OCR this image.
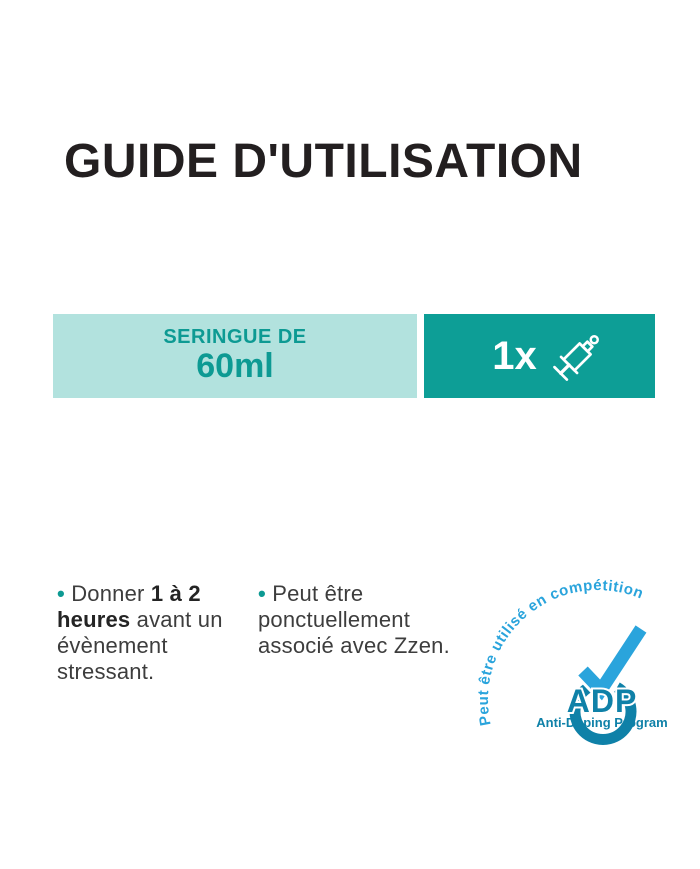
GUIDE D'UTILISATION
SERINGUE DE
60ml	1x

• Donner 1 à 2 heures avant un évènement stressant.

• Peut être ponctuellement associé avec Zzen.

Peut être utilisé en compétition
ADP
Anti-Doping Program
